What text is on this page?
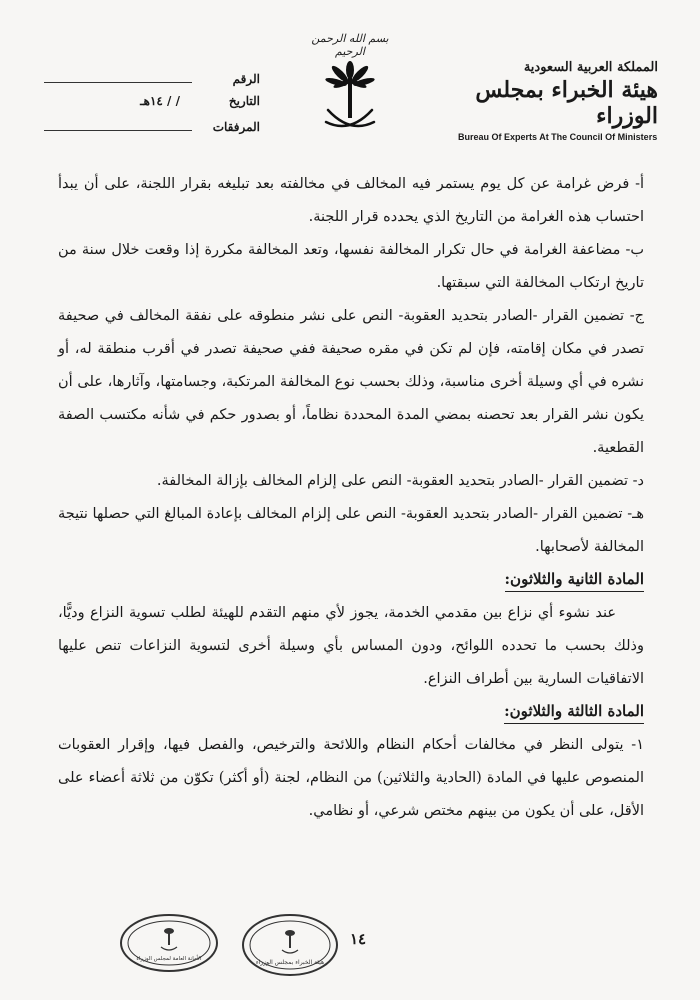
بسم الله الرحمن الرحيم
المملكة العربية السعودية
هيئة الخبراء بمجلس الوزراء
Bureau Of Experts At The Council Of Ministers
الرقم
التاريخ
/ / ١٤هـ
المرفقات

أ- فرض غرامة عن كل يوم يستمر فيه المخالف في مخالفته بعد تبليغه بقرار اللجنة، على أن يبدأ احتساب هذه الغرامة من التاريخ الذي يحدده قرار اللجنة.

ب- مضاعفة الغرامة في حال تكرار المخالفة نفسها، وتعد المخالفة مكررة إذا وقعت خلال سنة من تاريخ ارتكاب المخالفة التي سبقتها.

ج- تضمين القرار -الصادر بتحديد العقوبة- النص على نشر منطوقه على نفقة المخالف في صحيفة تصدر في مكان إقامته، فإن لم تكن في مقره صحيفة ففي صحيفة تصدر في أقرب منطقة له، أو نشره في أي وسيلة أخرى مناسبة، وذلك بحسب نوع المخالفة المرتكبة، وجسامتها، وآثارها، على أن يكون نشر القرار بعد تحصنه بمضي المدة المحددة نظاماً، أو بصدور حكم في شأنه مكتسب الصفة القطعية.

د- تضمين القرار -الصادر بتحديد العقوبة- النص على إلزام المخالف بإزالة المخالفة.

هـ- تضمين القرار -الصادر بتحديد العقوبة- النص على إلزام المخالف بإعادة المبالغ التي حصلها نتيجة المخالفة لأصحابها.

المادة الثانية والثلاثون:

عند نشوء أي نزاع بين مقدمي الخدمة، يجوز لأي منهم التقدم للهيئة لطلب تسوية النزاع وديًّا، وذلك بحسب ما تحدده اللوائح، ودون المساس بأي وسيلة أخرى لتسوية النزاعات تنص عليها الاتفاقيات السارية بين أطراف النزاع.

المادة الثالثة والثلاثون:

١- يتولى النظر في مخالفات أحكام النظام واللائحة والترخيص، والفصل فيها، وإقرار العقوبات المنصوص عليها في المادة (الحادية والثلاثين) من النظام، لجنة (أو أكثر) تكوّن من ثلاثة أعضاء على الأقل، على أن يكون من بينهم مختص شرعي، أو نظامي.

١٤
هيئة الخبراء بمجلس الوزراء
الأمانة العامة لمجلس الوزراء
